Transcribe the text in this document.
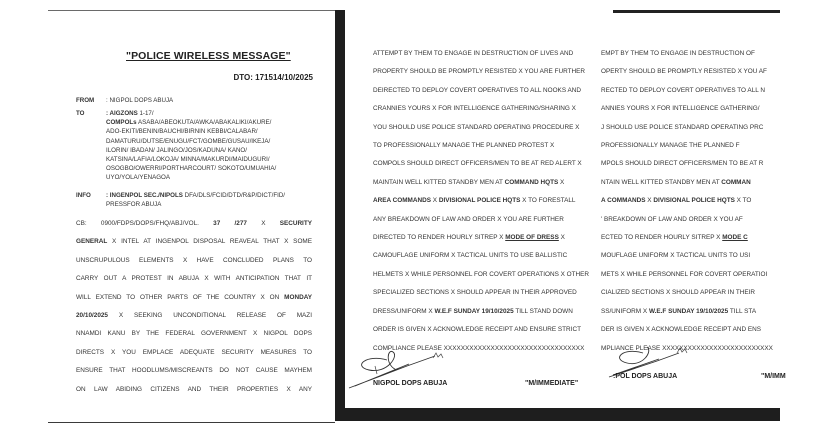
"POLICE WIRELESS MESSAGE"
DTO: 171514/10/2025
FROM : NIGPOL DOPS ABUJA
TO	: AIGZONS 1-17/
COMPOLs ASABA/ABEOKUTA/AWKA/ABAKALIKI/AKURE/
ADO-EKITI/BENIN/BAUCHI/BIRNIN KEBBI/CALABAR/
DAMATURU/DUTSE/ENUGU/FCT/GOMBE/GUSAU/IKEJA/
ILORIN/ IBADAN/ JALINGO/JOS/KADUNA/ KANO/
KATSINA/LAFIA/LOKOJA/ MINNA/MAKURDI/MAIDUGURI/
OSOGBO/OWERRI/PORTHARCOURT/ SOKOTO/UMUAHIA/
UYO/YOLA/YENAGOA
INFO : INGENPOL SEC./NIPOLS DFA/DLS/FCID/DTD/R&P/DICT/FID/
PRESSFOR ABUJA
CB: 0900/FDPS/DOPS/FHQ/ABJ/VOL. 37 /277 X SECURITY
GENERAL X INTEL AT INGENPOL DISPOSAL REAVEAL THAT X SOME
UNSCRUPULOUS ELEMENTS X HAVE CONCLUDED PLANS TO
CARRY OUT A PROTEST IN ABUJA X WITH ANTICIPATION THAT IT
WILL EXTEND TO OTHER PARTS OF THE COUNTRY X ON MONDAY
20/10/2025 X SEEKING UNCONDITIONAL RELEASE OF MAZI
NNAMDI KANU BY THE FEDERAL GOVERNMENT X NIGPOL DOPS
DIRECTS X YOU EMPLACE ADEQUATE SECURITY MEASURES TO
ENSURE THAT HOODLUMS/MISCREANTS DO NOT CAUSE MAYHEM
ON LAW ABIDING CITIZENS AND THEIR PROPERTIES X ANY
ATTEMPT BY THEM TO ENGAGE IN DESTRUCTION OF LIVES AND
PROPERTY SHOULD BE PROMPTLY RESISTED X YOU ARE FURTHER
DEIRECTED TO DEPLOY COVERT OPERATIVES TO ALL NOOKS AND
CRANNIES YOURS X FOR INTELLIGENCE GATHERING/SHARING X
YOU SHOULD USE POLICE STANDARD OPERATING PROCEDURE X
TO PROFESSIONALLY MANAGE THE PLANNED PROTEST X
COMPOLS SHOULD DIRECT OFFICERS/MEN TO BE AT RED ALERT X
MAINTAIN WELL KITTED STANDBY MEN AT COMMAND HQTS X
AREA COMMANDS X DIVISIONAL POLICE HQTS X TO FORESTALL
ANY BREAKDOWN OF LAW AND ORDER X YOU ARE FURTHER
DIRECTED TO RENDER HOURLY SITREP X MODE OF DRESS X
CAMOUFLAGE UNIFORM X TACTICAL UNITS TO USE BALLISTIC
HELMETS X WHILE PERSONNEL FOR COVERT OPERATIONS X OTHER
SPECIALIZED SECTIONS X SHOULD APPEAR IN THEIR APPROVED
DRESS/UNIFORM X W.E.F SUNDAY 19/10/2025 TILL STAND DOWN
ORDER IS GIVEN X ACKNOWLEDGE RECEIPT AND ENSURE STRICT
COMPLIANCE PLEASE XXXXXXXXXXXXXXXXXXXXXXXXXXXXXXXXX
NIGPOL DOPS ABUJA	"M/IMMEDIATE"
EMPT BY THEM TO ENGAGE IN DESTRUCTION OF
OPERTY SHOULD BE PROMPTLY RESISTED X YOU AF
RECTED TO DEPLOY COVERT OPERATIVES TO ALL N
ANNIES YOURS X FOR INTELLIGENCE GATHERING/
J SHOULD USE POLICE STANDARD OPERATING PRC
PROFESSIONALLY MANAGE THE PLANNED F
MPOLS SHOULD DIRECT OFFICERS/MEN TO BE AT R
NTAIN WELL KITTED STANDBY MEN AT COMMAN
A COMMANDS X DIVISIONAL POLICE HQTS X TO
' BREAKDOWN OF LAW AND ORDER X YOU AF
ECTED TO RENDER HOURLY SITREP X MODE C
MOUFLAGE UNIFORM X TACTICAL UNITS TO USI
METS X WHILE PERSONNEL FOR COVERT OPERATIOI
CIALIZED SECTIONS X SHOULD APPEAR IN THEIR
SS/UNIFORM X W.E.F SUNDAY 19/10/2025 TILL STA
DER IS GIVEN X ACKNOWLEDGE RECEIPT AND ENS
MPLIANCE PLEASE XXXXXXXXXXXXXXXXXXXXXXXXXX
:POL DOPS ABUJA	"M/IMM
